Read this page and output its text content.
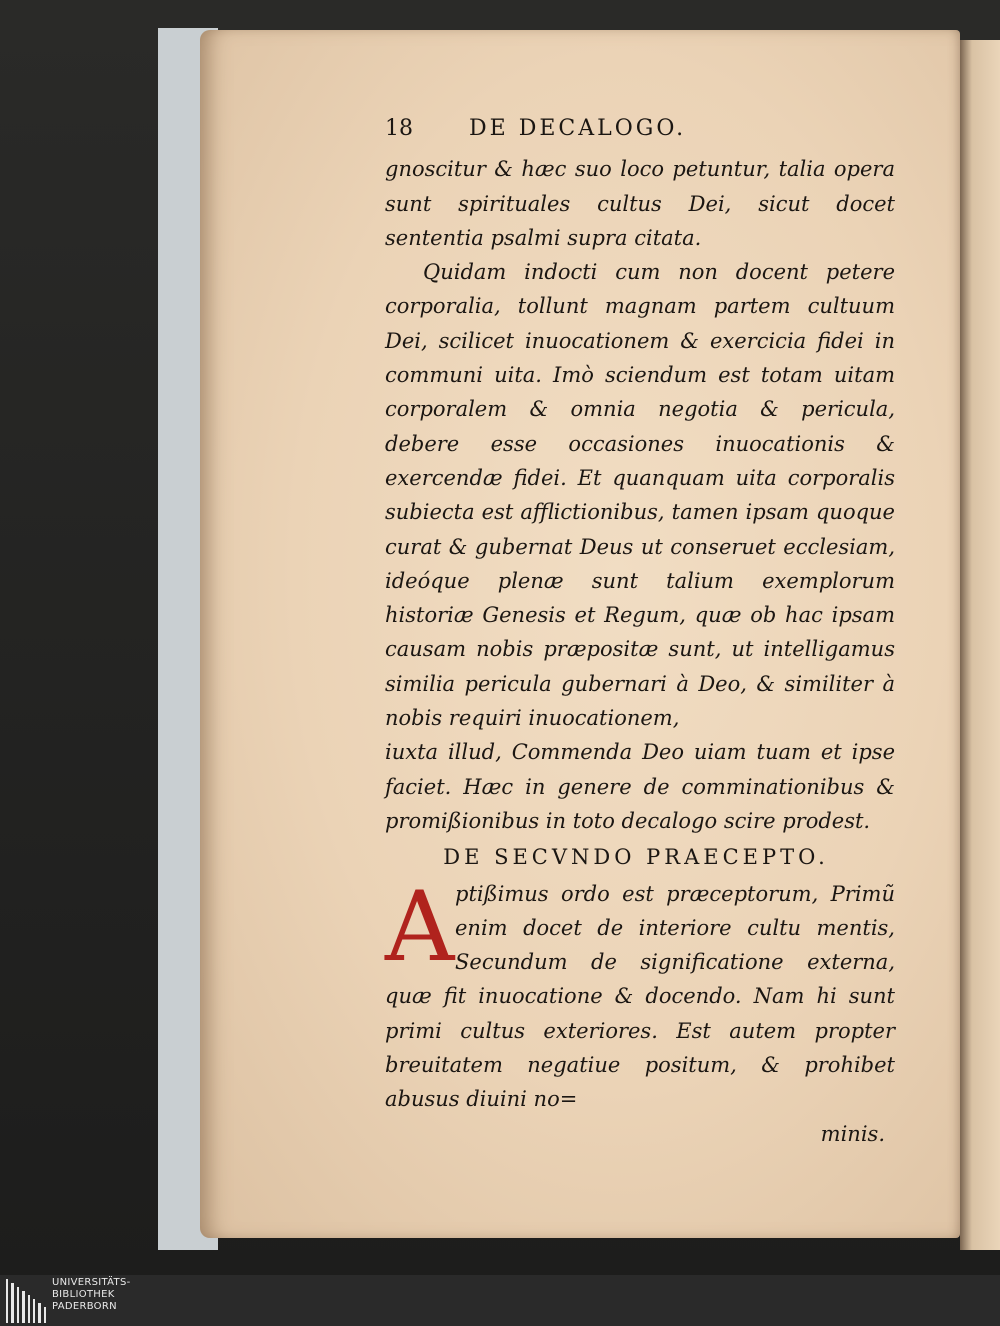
18	DE DECALOGO.

gnoscitur & hæc suo loco petuntur, talia opera sunt spirituales cultus Dei, sicut docet sententia psalmi supra citata.

Quidam indocti cum non docent petere corporalia, tollunt magnam partem cultuum Dei, scilicet inuocationem & exercicia fidei in communi uita. Imò sciendum est totam uitam corporalem & omnia negotia & pericula, debere esse occasiones inuocationis & exercendæ fidei. Et quanquam uita corporalis subiecta est afflictionibus, tamen ipsam quoque curat & gubernat Deus ut conseruet ecclesiam, ideóque plenæ sunt talium exemplorum historiæ Genesis et Regum, quæ ob hac ipsam causam nobis præpositæ sunt, ut intelligamus similia pericula gubernari à Deo, & similiter à nobis requiri inuocationem,

iuxta illud, Commenda Deo uiam tuam et ipse faciet. Hæc in genere de comminationibus & promißionibus in toto decalogo scire prodest.

DE SECVNDO PRAECEPTO.
A ptißimus ordo est præceptorum, Primũ enim docet de interiore cultu mentis, Secundum de significatione externa, quæ fit inuocatione & docendo. Nam hi sunt primi cultus exteriores. Est autem propter breuitatem negatiue positum, & prohibet abusus diuini no=

minis.
UNIVERSITÄTS-
BIBLIOTHEK
PADERBORN
